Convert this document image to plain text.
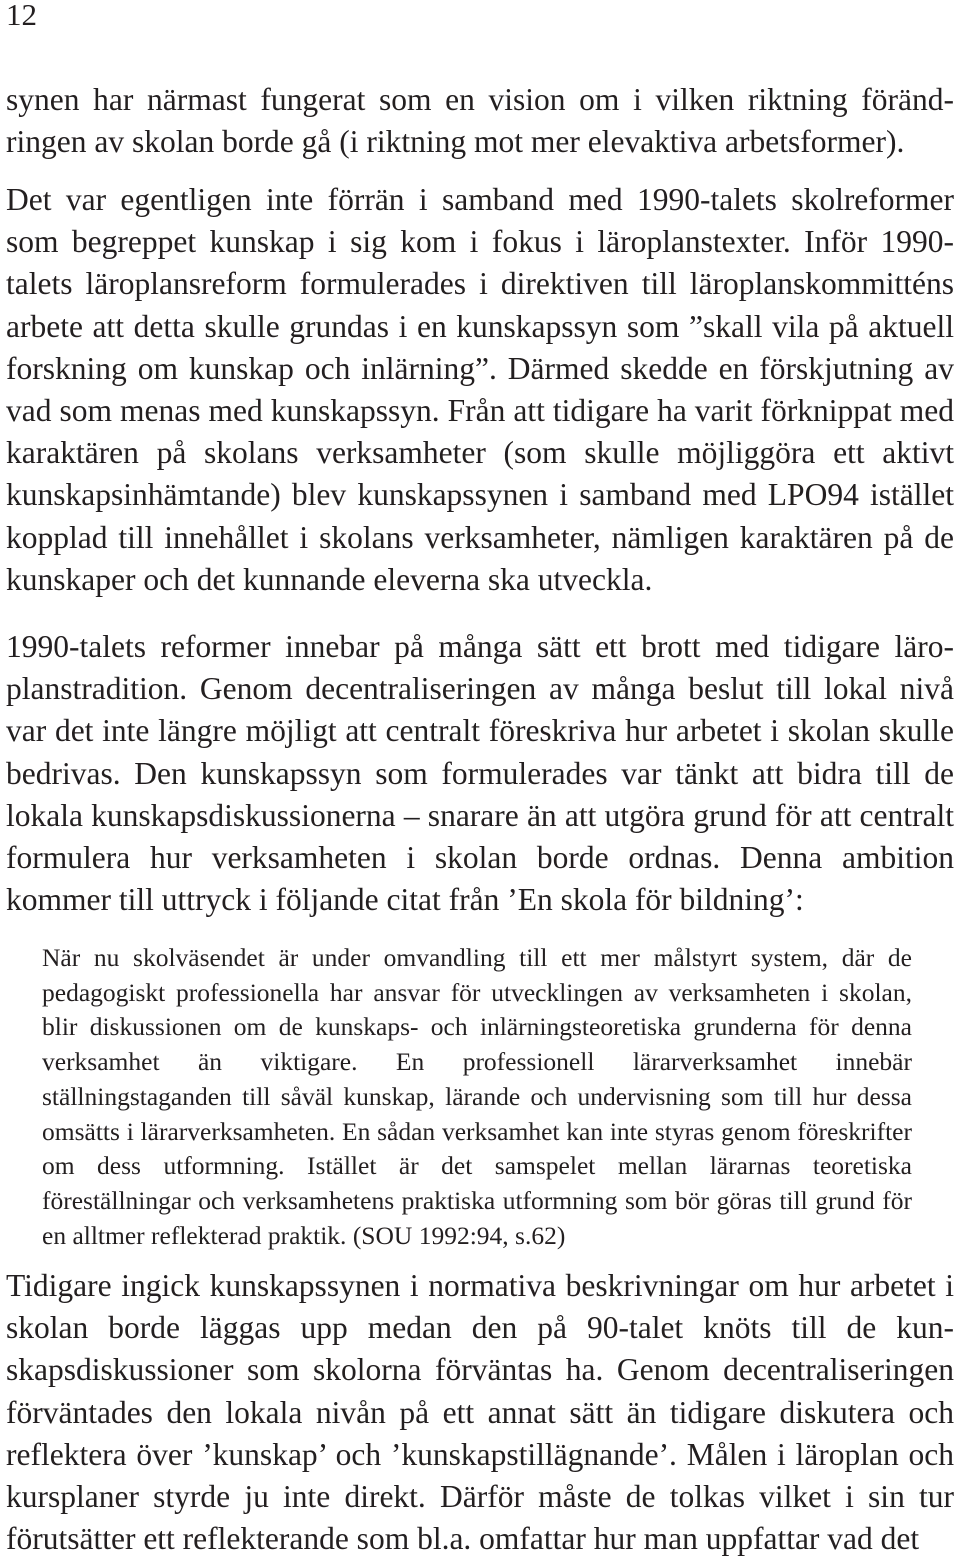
12

synen har närmast fungerat som en vision om i vilken riktning förändringen av skolan borde gå (i riktning mot mer elevaktiva arbetsformer).

Det var egentligen inte förrän i samband med 1990-talets skolreformer som begreppet kunskap i sig kom i fokus i läroplanstexter. Inför 1990-​talets läroplansreform formulerades i direktiven till läroplanskommitténs arbete att detta skulle grundas i en kunskapssyn som ”skall vila på aktuell forskning om kunskap och inlärning”. Därmed skedde en förskjutning av vad som menas med kunskapssyn. Från att tidigare ha varit förknippat med karaktären på skolans verksamheter (som skulle möjliggöra ett aktivt kunskapsinhämtande) blev kunskapssynen i samband med LPO94 istället kopplad till innehållet i skolans verksamheter, nämligen karaktären på de kunskaper och det kunnande eleverna ska utveckla.

1990-talets reformer innebar på många sätt ett brott med tidigare läroplanstradition. Genom decentraliseringen av många beslut till lokal nivå var det inte längre möjligt att centralt föreskriva hur arbetet i skolan skulle bedrivas. Den kunskapssyn som formulerades var tänkt att bidra till de lokala kunskapsdiskussionerna – snarare än att utgöra grund för att centralt formulera hur verksamheten i skolan borde ordnas. Denna ambition kommer till uttryck i följande citat från ’En skola för bildning’:

När nu skolväsendet är under omvandling till ett mer målstyrt system, där de pedagogiskt professionella har ansvar för utvecklingen av verksamheten i skolan, blir diskussionen om de kunskaps- och inlärningsteoretiska grunderna för denna verksamhet än viktigare. En professionell lärarverksamhet innebär ställningstaganden till såväl kunskap, lärande och undervisning som till hur dessa omsätts i lärarverksamheten. En sådan verksamhet kan inte styras genom föreskrifter om dess utformning. Istället är det samspelet mellan lärarnas teoretiska föreställningar och verksamhetens praktiska utformning som bör göras till grund för en alltmer reflekterad praktik. (SOU 1992:94, s.62)

Tidigare ingick kunskapssynen i normativa beskrivningar om hur arbetet i skolan borde läggas upp medan den på 90-talet knöts till de kunskapsdiskussioner som skolorna förväntas ha. Genom decentraliseringen förväntades den lokala nivån på ett annat sätt än tidigare diskutera och reflektera över ’kunskap’ och ’kunskapstillägnande’. Målen i läroplan och kursplaner styrde ju inte direkt. Därför måste de tolkas vilket i sin tur förutsätter ett reflekterande som bl.a. omfattar hur man uppfattar vad det
